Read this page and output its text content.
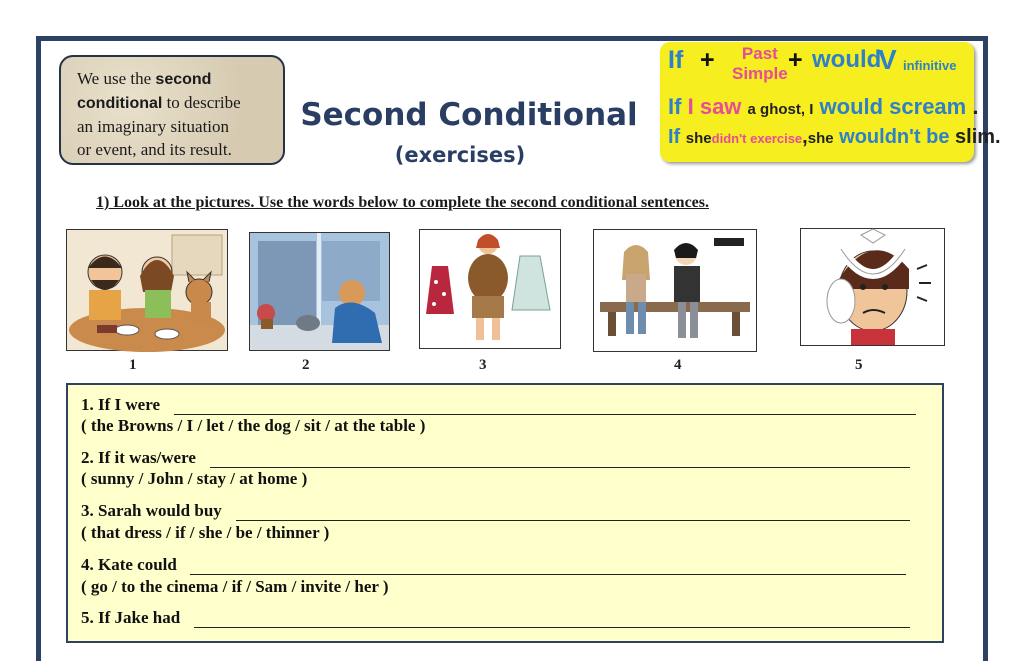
We use the second
conditional to describe
an imaginary situation
or event, and its result.
Second Conditional
(exercises)
If +	Past
Simple + would
V infinitive
If I saw a ghost, I would scream .
If shedidn't exercise,she wouldn't be slim.
1) Look at the pictures. Use the words below to complete the second conditional sentences.
1	2	3	4	5
1. If I were
( the Browns / I / let / the dog / sit / at the table )
2. If it was/were
( sunny / John / stay / at home )
3. Sarah would buy
( that dress / if / she / be / thinner )
4. Kate could
( go / to the cinema / if / Sam / invite / her )
5. If Jake had
